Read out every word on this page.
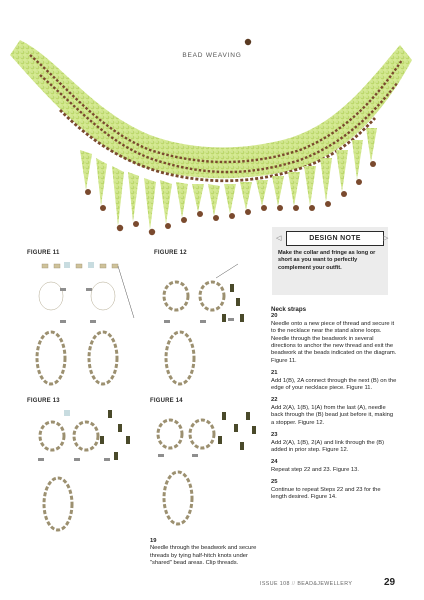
BEAD WEAVING
DESIGN NOTE
◁	▷
Make the collar and fringe as long or short as you want to perfectly complement your outfit.
FIGURE 11	FIGURE 12
FIGURE 13	FIGURE 14
19
Needle through the beadwork and secure threads by tying half-hitch knots under "shared" bead areas. Clip threads.
Neck straps
20
Needle onto a new piece of thread and secure it to the necklace near the stand alone loops. Needle through the beadwork in several directions to anchor the new thread and exit the beadwork at the beads indicated on the diagram. Figure 11.
21
Add 1(B), 2A connect through the next (B) on the edge of your necklace piece. Figure 11.
22
Add 2(A), 1(B), 1(A) from the last (A), needle back through the (B) bead just before it, making a stopper. Figure 12.
23
Add 2(A), 1(B), 2(A) and link through the (B) added in prior step. Figure 12.
24
Repeat step 22 and 23. Figure 13.
25
Continue to repeat Steps 22 and 23 for the length desired. Figure 14.
ISSUE 108 // BEAD&JEWELLERY	29
